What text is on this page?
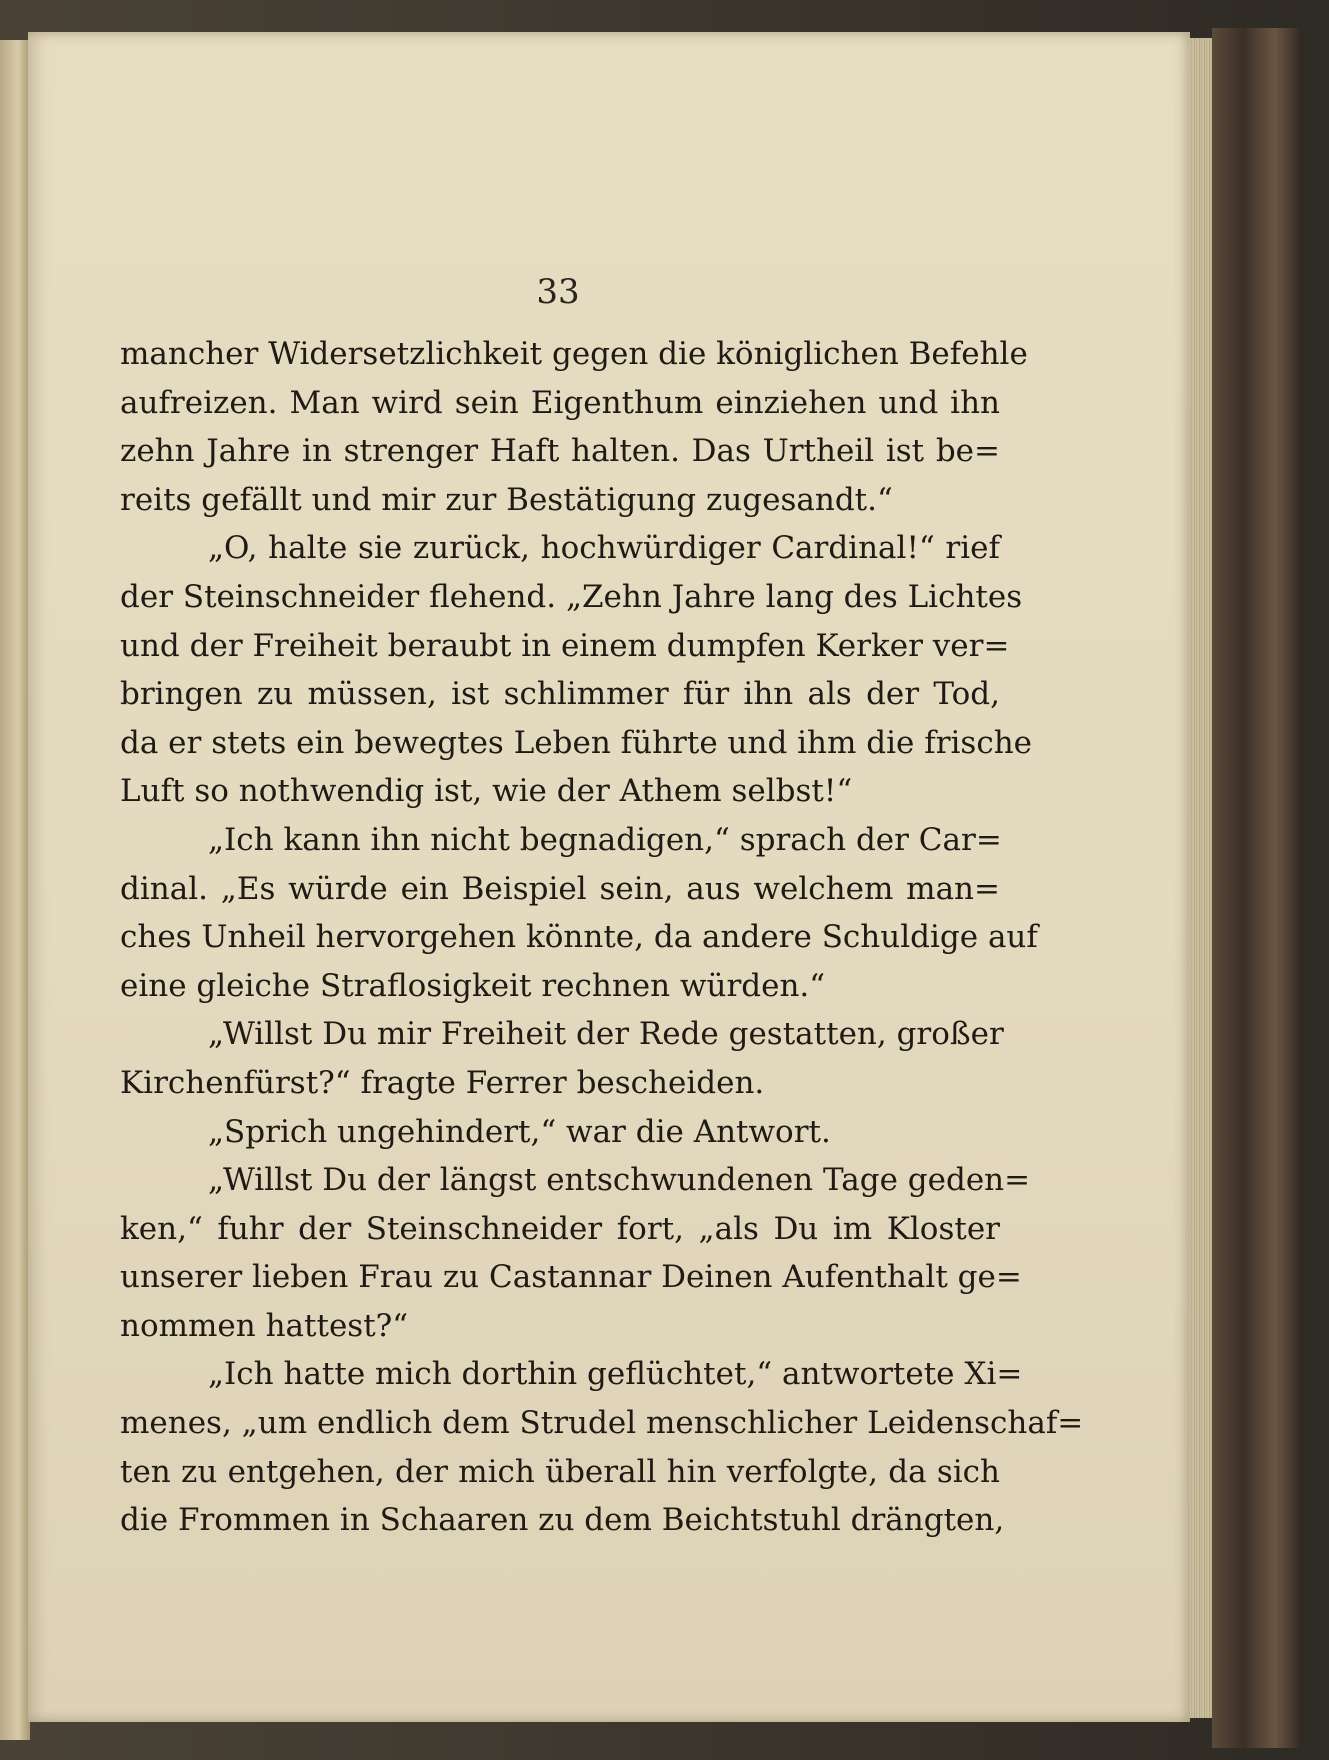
33
mancher Widersetzlichkeit gegen die königlichen Befehle
aufreizen. Man wird sein Eigenthum einziehen und ihn
zehn Jahre in strenger Haft halten. Das Urtheil ist be=
reits gefällt und mir zur Bestätigung zugesandt.“
„O, halte sie zurück, hochwürdiger Cardinal!“ rief
der Steinschneider flehend. „Zehn Jahre lang des Lichtes
und der Freiheit beraubt in einem dumpfen Kerker ver=
bringen zu müssen, ist schlimmer für ihn als der Tod,
da er stets ein bewegtes Leben führte und ihm die frische
Luft so nothwendig ist, wie der Athem selbst!“
„Ich kann ihn nicht begnadigen,“ sprach der Car=
dinal. „Es würde ein Beispiel sein, aus welchem man=
ches Unheil hervorgehen könnte, da andere Schuldige auf
eine gleiche Straflosigkeit rechnen würden.“
„Willst Du mir Freiheit der Rede gestatten, großer
Kirchenfürst?“ fragte Ferrer bescheiden.
„Sprich ungehindert,“ war die Antwort.
„Willst Du der längst entschwundenen Tage geden=
ken,“ fuhr der Steinschneider fort, „als Du im Kloster
unserer lieben Frau zu Castannar Deinen Aufenthalt ge=
nommen hattest?“
„Ich hatte mich dorthin geflüchtet,“ antwortete Xi=
menes, „um endlich dem Strudel menschlicher Leidenschaf=
ten zu entgehen, der mich überall hin verfolgte, da sich
die Frommen in Schaaren zu dem Beichtstuhl drängten,
